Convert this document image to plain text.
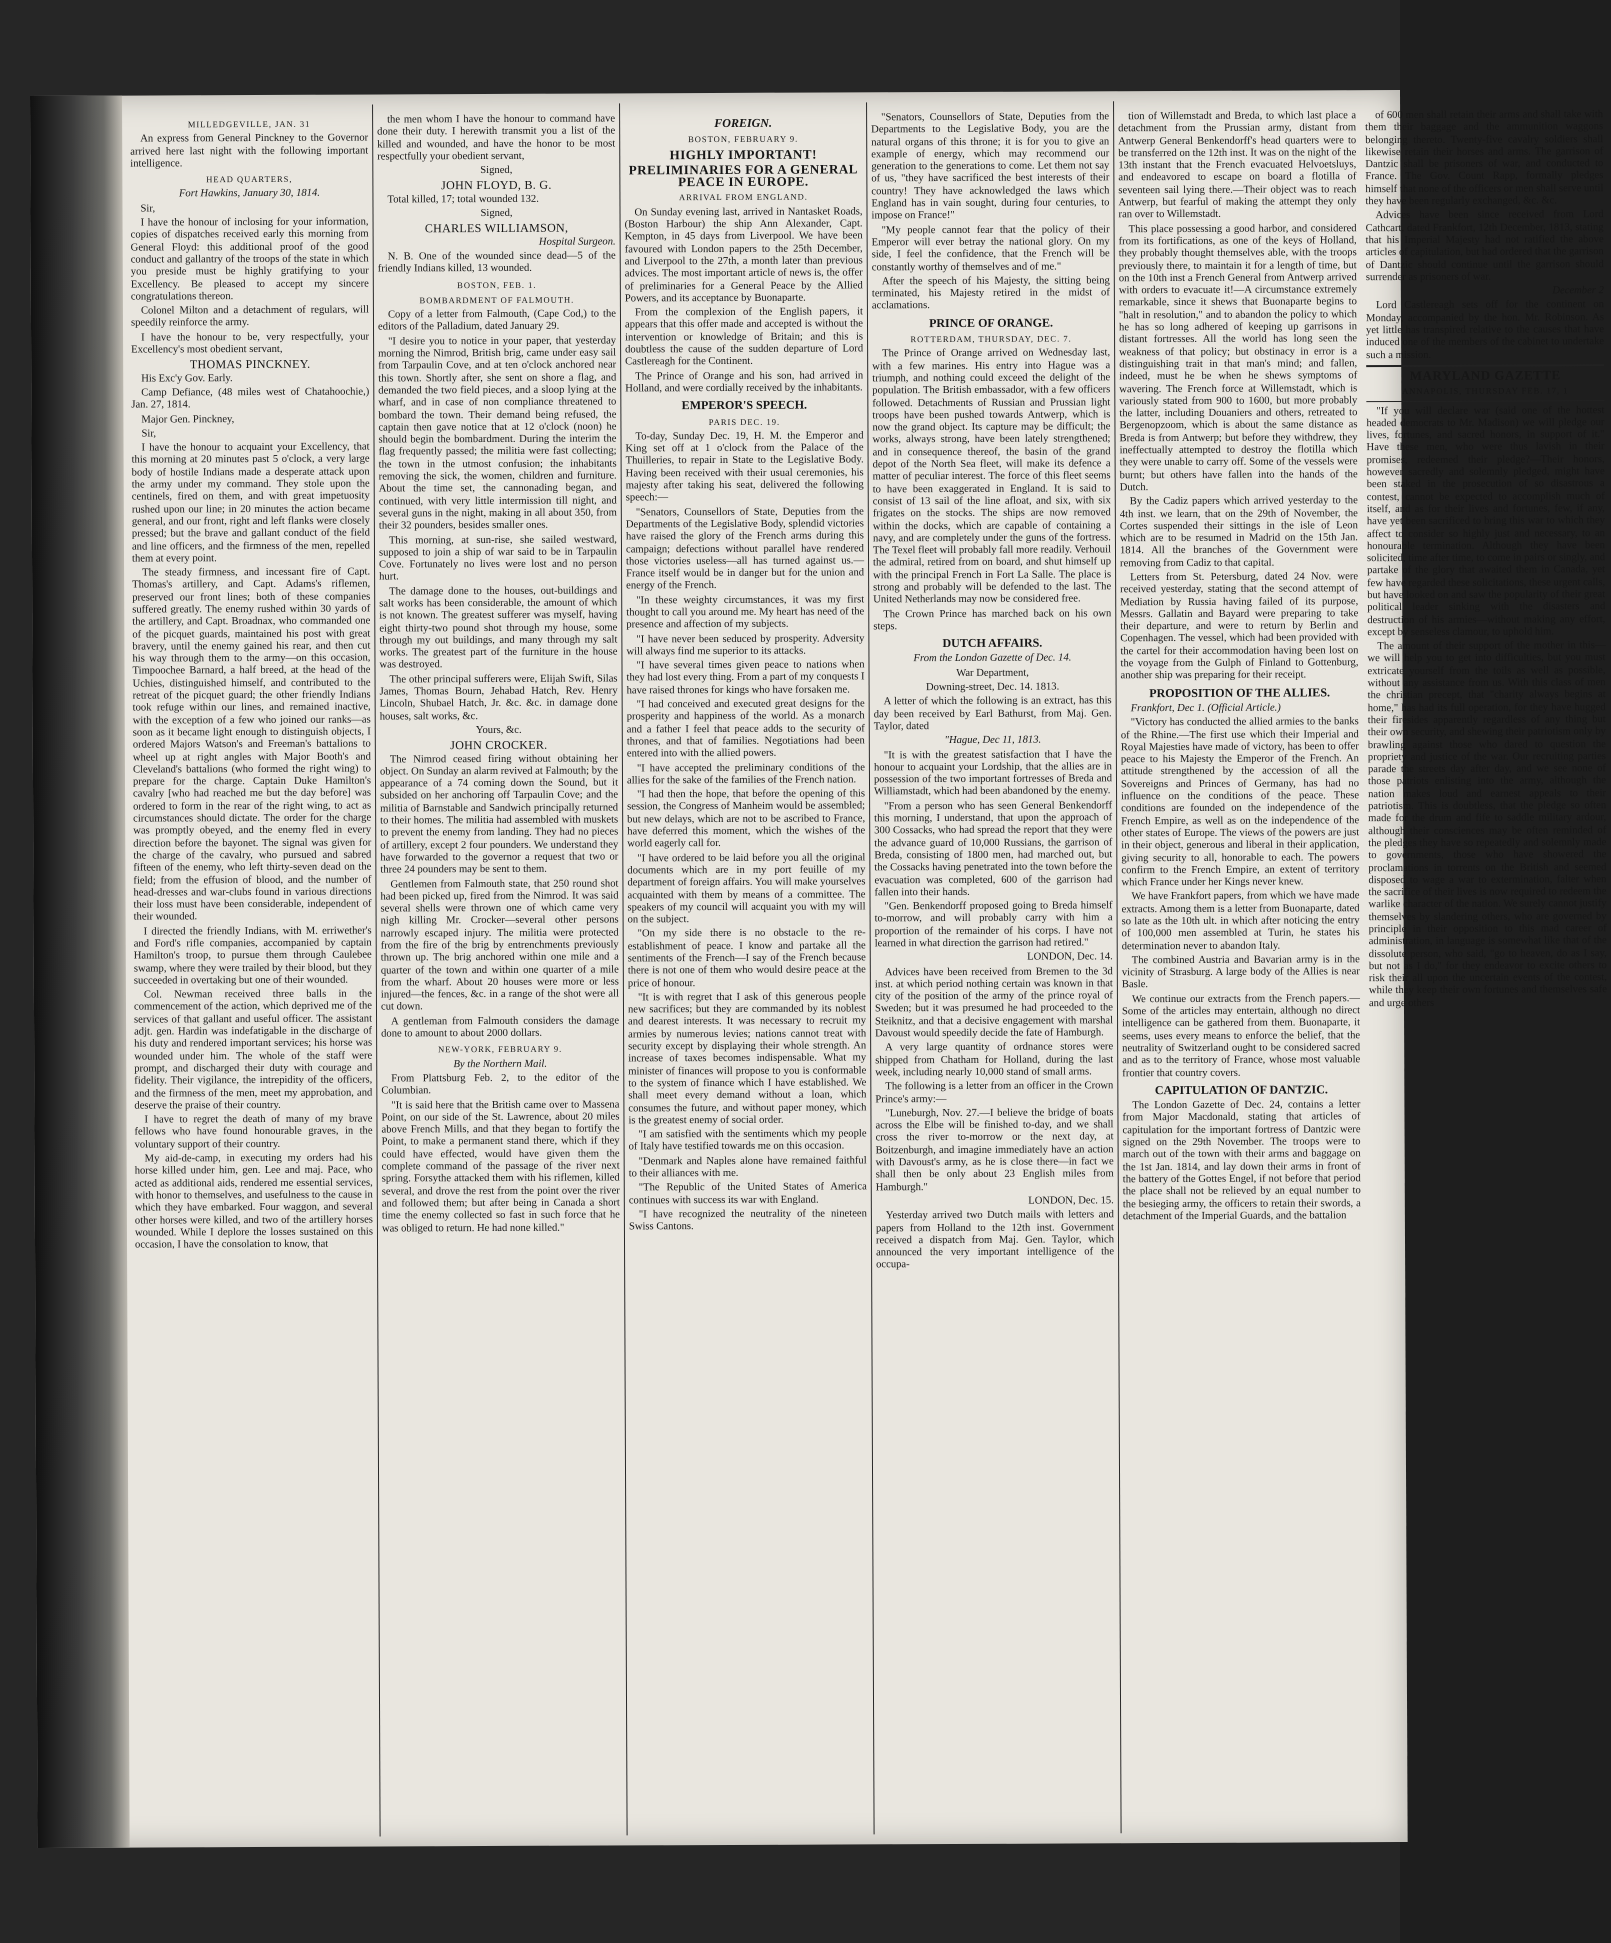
MILLEDGEVILLE, JAN. 31

An express from General Pinckney to the Governor arrived here last night with the following important intelligence.

HEAD QUARTERS,

Fort Hawkins, January 30, 1814.

Sir,

I have the honour of inclosing for your information, copies of dispatches received early this morning from General Floyd: this additional proof of the good conduct and gallantry of the troops of the state in which you preside must be highly gratifying to your Excellency. Be pleased to accept my sincere congratulations thereon.

Colonel Milton and a detachment of regulars, will speedily reinforce the army.

I have the honour to be, very respectfully, your Excellency's most obedient servant,

THOMAS PINCKNEY.

His Exc'y Gov. Early.

Camp Defiance, (48 miles west of Chatahoochie,) Jan. 27, 1814.

Major Gen. Pinckney,

Sir,

I have the honour to acquaint your Excellency, that this morning at 20 minutes past 5 o'clock, a very large body of hostile Indians made a desperate attack upon the army under my command. They stole upon the centinels, fired on them, and with great impetuosity rushed upon our line; in 20 minutes the action became general, and our front, right and left flanks were closely pressed; but the brave and gallant conduct of the field and line officers, and the firmness of the men, repelled them at every point.

The steady firmness, and incessant fire of Capt. Thomas's artillery, and Capt. Adams's riflemen, preserved our front lines; both of these companies suffered greatly. The enemy rushed within 30 yards of the artillery, and Capt. Broadnax, who commanded one of the picquet guards, maintained his post with great bravery, until the enemy gained his rear, and then cut his way through them to the army—on this occasion, Timpoochee Barnard, a half breed, at the head of the Uchies, distinguished himself, and contributed to the retreat of the picquet guard; the other friendly Indians took refuge within our lines, and remained inactive, with the exception of a few who joined our ranks—as soon as it became light enough to distinguish objects, I ordered Majors Watson's and Freeman's battalions to wheel up at right angles with Major Booth's and Cleveland's battalions (who formed the right wing) to prepare for the charge. Captain Duke Hamilton's cavalry [who had reached me but the day before] was ordered to form in the rear of the right wing, to act as circumstances should dictate. The order for the charge was promptly obeyed, and the enemy fled in every direction before the bayonet. The signal was given for the charge of the cavalry, who pursued and sabred fifteen of the enemy, who left thirty-seven dead on the field; from the effusion of blood, and the number of head-dresses and war-clubs found in various directions their loss must have been considerable, independent of their wounded.

I directed the friendly Indians, with M. erriwether's and Ford's rifle companies, accompanied by captain Hamilton's troop, to pursue them through Caulebee swamp, where they were trailed by their blood, but they succeeded in overtaking but one of their wounded.

Col. Newman received three balls in the commencement of the action, which deprived me of the services of that gallant and useful officer. The assistant adjt. gen. Hardin was indefatigable in the discharge of his duty and rendered important services; his horse was wounded under him. The whole of the staff were prompt, and discharged their duty with courage and fidelity. Their vigilance, the intrepidity of the officers, and the firmness of the men, meet my approbation, and deserve the praise of their country.

I have to regret the death of many of my brave fellows who have found honourable graves, in the voluntary support of their country.

My aid-de-camp, in executing my orders had his horse killed under him, gen. Lee and maj. Pace, who acted as additional aids, rendered me essential services, with honor to themselves, and usefulness to the cause in which they have embarked. Four waggon, and several other horses were killed, and two of the artillery horses wounded. While I deplore the losses sustained on this occasion, I have the consolation to know, that

the men whom I have the honour to command have done their duty. I herewith transmit you a list of the killed and wounded, and have the honor to be most respectfully your obedient servant,

Signed,

JOHN FLOYD, B. G.

Total killed, 17; total wounded 132.

Signed,

CHARLES WILLIAMSON,

Hospital Surgeon.

N. B. One of the wounded since dead—5 of the friendly Indians killed, 13 wounded.

BOSTON, FEB. 1.

BOMBARDMENT OF FALMOUTH.

Copy of a letter from Falmouth, (Cape Cod,) to the editors of the Palladium, dated January 29.

"I desire you to notice in your paper, that yesterday morning the Nimrod, British brig, came under easy sail from Tarpaulin Cove, and at ten o'clock anchored near this town. Shortly after, she sent on shore a flag, and demanded the two field pieces, and a sloop lying at the wharf, and in case of non compliance threatened to bombard the town. Their demand being refused, the captain then gave notice that at 12 o'clock (noon) he should begin the bombardment. During the interim the flag frequently passed; the militia were fast collecting; the town in the utmost confusion; the inhabitants removing the sick, the women, children and furniture. About the time set, the cannonading began, and continued, with very little intermission till night, and several guns in the night, making in all about 350, from their 32 pounders, besides smaller ones.

This morning, at sun-rise, she sailed westward, supposed to join a ship of war said to be in Tarpaulin Cove. Fortunately no lives were lost and no person hurt.

The damage done to the houses, out-buildings and salt works has been considerable, the amount of which is not known. The greatest sufferer was myself, having eight thirty-two pound shot through my house, some through my out buildings, and many through my salt works. The greatest part of the furniture in the house was destroyed.

The other principal sufferers were, Elijah Swift, Silas James, Thomas Bourn, Jehabad Hatch, Rev. Henry Lincoln, Shubael Hatch, Jr. &c. &c. in damage done houses, salt works, &c.

Yours, &c.

JOHN CROCKER.

The Nimrod ceased firing without obtaining her object. On Sunday an alarm revived at Falmouth; by the appearance of a 74 coming down the Sound, but it subsided on her anchoring off Tarpaulin Cove; and the militia of Barnstable and Sandwich principally returned to their homes. The militia had assembled with muskets to prevent the enemy from landing. They had no pieces of artillery, except 2 four pounders. We understand they have forwarded to the governor a request that two or three 24 pounders may be sent to them.

Gentlemen from Falmouth state, that 250 round shot had been picked up, fired from the Nimrod. It was said several shells were thrown one of which came very nigh killing Mr. Crocker—several other persons narrowly escaped injury. The militia were protected from the fire of the brig by entrenchments previously thrown up. The brig anchored within one mile and a quarter of the town and within one quarter of a mile from the wharf. About 20 houses were more or less injured—the fences, &c. in a range of the shot were all cut down.

A gentleman from Falmouth considers the damage done to amount to about 2000 dollars.

NEW-YORK, FEBRUARY 9.

By the Northern Mail.

From Plattsburg Feb. 2, to the editor of the Columbian.

"It is said here that the British came over to Massena Point, on our side of the St. Lawrence, about 20 miles above French Mills, and that they began to fortify the Point, to make a permanent stand there, which if they could have effected, would have given them the complete command of the passage of the river next spring. Forsythe attacked them with his riflemen, killed several, and drove the rest from the point over the river and followed them; but after being in Canada a short time the enemy collected so fast in such force that he was obliged to return. He had none killed."

FOREIGN.

BOSTON, FEBRUARY 9.

HIGHLY IMPORTANT!

PRELIMINARIES FOR A GENERAL PEACE IN EUROPE.

ARRIVAL FROM ENGLAND.

On Sunday evening last, arrived in Nantasket Roads, (Boston Harbour) the ship Ann Alexander, Capt. Kempton, in 45 days from Liverpool. We have been favoured with London papers to the 25th December, and Liverpool to the 27th, a month later than previous advices. The most important article of news is, the offer of preliminaries for a General Peace by the Allied Powers, and its acceptance by Buonaparte.

From the complexion of the English papers, it appears that this offer made and accepted is without the intervention or knowledge of Britain; and this is doubtless the cause of the sudden departure of Lord Castlereagh for the Continent.

The Prince of Orange and his son, had arrived in Holland, and were cordially received by the inhabitants.

EMPEROR'S SPEECH.

PARIS DEC. 19.

To-day, Sunday Dec. 19, H. M. the Emperor and King set off at 1 o'clock from the Palace of the Thuilleries, to repair in State to the Legislative Body. Having been received with their usual ceremonies, his majesty after taking his seat, delivered the following speech:—

"Senators, Counsellors of State, Deputies from the Departments of the Legislative Body, splendid victories have raised the glory of the French arms during this campaign; defections without parallel have rendered those victories useless—all has turned against us.—France itself would be in danger but for the union and energy of the French.

"In these weighty circumstances, it was my first thought to call you around me. My heart has need of the presence and affection of my subjects.

"I have never been seduced by prosperity. Adversity will always find me superior to its attacks.

"I have several times given peace to nations when they had lost every thing. From a part of my conquests I have raised thrones for kings who have forsaken me.

"I had conceived and executed great designs for the prosperity and happiness of the world. As a monarch and a father I feel that peace adds to the security of thrones, and that of families. Negotiations had been entered into with the allied powers.

"I have accepted the preliminary conditions of the allies for the sake of the families of the French nation.

"I had then the hope, that before the opening of this session, the Congress of Manheim would be assembled; but new delays, which are not to be ascribed to France, have deferred this moment, which the wishes of the world eagerly call for.

"I have ordered to be laid before you all the original documents which are in my port feuille of my department of foreign affairs. You will make yourselves acquainted with them by means of a committee. The speakers of my council will acquaint you with my will on the subject.

"On my side there is no obstacle to the re-establishment of peace. I know and partake all the sentiments of the French—I say of the French because there is not one of them who would desire peace at the price of honour.

"It is with regret that I ask of this generous people new sacrifices; but they are commanded by its noblest and dearest interests. It was necessary to recruit my armies by numerous levies; nations cannot treat with security except by displaying their whole strength. An increase of taxes becomes indispensable. What my minister of finances will propose to you is conformable to the system of finance which I have established. We shall meet every demand without a loan, which consumes the future, and without paper money, which is the greatest enemy of social order.

"I am satisfied with the sentiments which my people of Italy have testified towards me on this occasion.

"Denmark and Naples alone have remained faithful to their alliances with me.

"The Republic of the United States of America continues with success its war with England.

"I have recognized the neutrality of the nineteen Swiss Cantons.

"Senators, Counsellors of State, Deputies from the Departments to the Legislative Body, you are the natural organs of this throne; it is for you to give an example of energy, which may recommend our generation to the generations to come. Let them not say of us, "they have sacrificed the best interests of their country! They have acknowledged the laws which England has in vain sought, during four centuries, to impose on France!"

"My people cannot fear that the policy of their Emperor will ever betray the national glory. On my side, I feel the confidence, that the French will be constantly worthy of themselves and of me."

After the speech of his Majesty, the sitting being terminated, his Majesty retired in the midst of acclamations.

PRINCE OF ORANGE.

ROTTERDAM, THURSDAY, DEC. 7.

The Prince of Orange arrived on Wednesday last, with a few marines. His entry into Hague was a triumph, and nothing could exceed the delight of the population. The British embassador, with a few officers followed. Detachments of Russian and Prussian light troops have been pushed towards Antwerp, which is now the grand object. Its capture may be difficult; the works, always strong, have been lately strengthened; and in consequence thereof, the basin of the grand depot of the North Sea fleet, will make its defence a matter of peculiar interest. The force of this fleet seems to have been exaggerated in England. It is said to consist of 13 sail of the line afloat, and six, with six frigates on the stocks. The ships are now removed within the docks, which are capable of containing a navy, and are completely under the guns of the fortress. The Texel fleet will probably fall more readily. Verhouil the admiral, retired from on board, and shut himself up with the principal French in Fort La Salle. The place is strong and probably will be defended to the last. The United Netherlands may now be considered free.

The Crown Prince has marched back on his own steps.

DUTCH AFFAIRS.

From the London Gazette of Dec. 14.

War Department,

Downing-street, Dec. 14. 1813.

A letter of which the following is an extract, has this day been received by Earl Bathurst, from Maj. Gen. Taylor, dated

"Hague, Dec 11, 1813.

"It is with the greatest satisfaction that I have the honour to acquaint your Lordship, that the allies are in possession of the two important fortresses of Breda and Williamstadt, which had been abandoned by the enemy.

"From a person who has seen General Benkendorff this morning, I understand, that upon the approach of 300 Cossacks, who had spread the report that they were the advance guard of 10,000 Russians, the garrison of Breda, consisting of 1800 men, had marched out, but the Cossacks having penetrated into the town before the evacuation was completed, 600 of the garrison had fallen into their hands.

"Gen. Benkendorff proposed going to Breda himself to-morrow, and will probably carry with him a proportion of the remainder of his corps. I have not learned in what direction the garrison had retired."

LONDON, Dec. 14.

Advices have been received from Bremen to the 3d inst. at which period nothing certain was known in that city of the position of the army of the prince royal of Sweden; but it was presumed he had proceeded to the Steiknitz, and that a decisive engagement with marshal Davoust would speedily decide the fate of Hamburgh.

A very large quantity of ordnance stores were shipped from Chatham for Holland, during the last week, including nearly 10,000 stand of small arms.

The following is a letter from an officer in the Crown Prince's army:—

"Luneburgh, Nov. 27.—I believe the bridge of boats across the Elbe will be finished to-day, and we shall cross the river to-morrow or the next day, at Boitzenburgh, and imagine immediately have an action with Davoust's army, as he is close there—in fact we shall then be only about 23 English miles from Hamburgh."

LONDON, Dec. 15.

Yesterday arrived two Dutch mails with letters and papers from Holland to the 12th inst. Government received a dispatch from Maj. Gen. Taylor, which announced the very important intelligence of the occupa-

tion of Willemstadt and Breda, to which last place a detachment from the Prussian army, distant from Antwerp General Benkendorff's head quarters were to be transferred on the 12th inst. It was on the night of the 13th instant that the French evacuated Helvoetsluys, and endeavored to escape on board a flotilla of seventeen sail lying there.—Their object was to reach Antwerp, but fearful of making the attempt they only ran over to Willemstadt.

This place possessing a good harbor, and considered from its fortifications, as one of the keys of Holland, they probably thought themselves able, with the troops previously there, to maintain it for a length of time, but on the 10th inst a French General from Antwerp arrived with orders to evacuate it!—A circumstance extremely remarkable, since it shews that Buonaparte begins to "halt in resolution," and to abandon the policy to which he has so long adhered of keeping up garrisons in distant fortresses. All the world has long seen the weakness of that policy; but obstinacy in error is a distinguishing trait in that man's mind; and fallen, indeed, must he be when he shews symptoms of wavering. The French force at Willemstadt, which is variously stated from 900 to 1600, but more probably the latter, including Douaniers and others, retreated to Bergenopzoom, which is about the same distance as Breda is from Antwerp; but before they withdrew, they ineffectually attempted to destroy the flotilla which they were unable to carry off. Some of the vessels were burnt; but others have fallen into the hands of the Dutch.

By the Cadiz papers which arrived yesterday to the 4th inst. we learn, that on the 29th of November, the Cortes suspended their sittings in the isle of Leon which are to be resumed in Madrid on the 15th Jan. 1814. All the branches of the Government were removing from Cadiz to that capital.

Letters from St. Petersburg, dated 24 Nov. were received yesterday, stating that the second attempt of Mediation by Russia having failed of its purpose, Messrs. Gallatin and Bayard were preparing to take their departure, and were to return by Berlin and Copenhagen. The vessel, which had been provided with the cartel for their accommodation having been lost on the voyage from the Gulph of Finland to Gottenburg, another ship was preparing for their receipt.

PROPOSITION OF THE ALLIES.

Frankfort, Dec 1. (Official Article.)

"Victory has conducted the allied armies to the banks of the Rhine.—The first use which their Imperial and Royal Majesties have made of victory, has been to offer peace to his Majesty the Emperor of the French. An attitude strengthened by the accession of all the Sovereigns and Princes of Germany, has had no influence on the conditions of the peace. These conditions are founded on the independence of the French Empire, as well as on the independence of the other states of Europe. The views of the powers are just in their object, generous and liberal in their application, giving security to all, honorable to each. The powers confirm to the French Empire, an extent of territory which France under her Kings never knew.

We have Frankfort papers, from which we have made extracts. Among them is a letter from Buonaparte, dated so late as the 10th ult. in which after noticing the entry of 100,000 men assembled at Turin, he states his determination never to abandon Italy.

The combined Austria and Bavarian army is in the vicinity of Strasburg. A large body of the Allies is near Basle.

We continue our extracts from the French papers.—Some of the articles may entertain, although no direct intelligence can be gathered from them. Buonaparte, it seems, uses every means to enforce the belief, that the neutrality of Switzerland ought to be considered sacred and as to the territory of France, whose most valuable frontier that country covers.

CAPITULATION OF DANTZIC.

The London Gazette of Dec. 24, contains a letter from Major Macdonald, stating that articles of capitulation for the important fortress of Dantzic were signed on the 29th November. The troops were to march out of the town with their arms and baggage on the 1st Jan. 1814, and lay down their arms in front of the battery of the Gottes Engel, if not before that period the place shall not be relieved by an equal number to the besieging army, the officers to retain their swords, a detachment of the Imperial Guards, and the battalion

of 600 men shall retain their arms and shall take with them their baggage and the ammunition waggons belonging thereto. Twenty-five cavalry soldiers shall likewise retain their horses and arms. The garrison of Dantzic shall be prisoners of war, and conducted to France. The Gov. Count Rapp, formally pledges himself that none of the officers or men shall serve until they have been regularly exchanged, &c. &c.

Advices have been since received from Lord Cathcart, dated Frankfort, 12th December, 1813, stating that his Imperial Majesty had not ratified the above articles of capitulation, but had ordered that the garrison of Dantzic should continue until the garrison should surrender as prisoners of war.

December 2

Lord Castlereagh sets off for the continent on Monday, accompanied by the hon. Mr. Robinson. As yet little has transpired relative to the causes that have induced one of the members of the cabinet to undertake such a mission.

MARYLAND GAZETTE

ANNAPOLIS, THURSDAY FEB. 17, 1

"If you will declare war (said one of the hottest headed democrats to Mr. Madison) we will pledge our lives, fortunes, and sacred honors, in support of it." Have these men, who were thus lavish in their promises, redeemed their pledge?—Their honors, however sacredly and solemnly pledged, might have been staked in the prosecution of so disastrous a contest, cannot be expected to accomplish much of itself, and as for their lives and fortunes, few, if any, have yet been sacrificed to bring this war to which they affect to consider so highly just and necessary, to an honourable termination. Although they have been solicited, time after time, to come in pairs or singly, and partake of the glory that awaited them in Canada, yet few have regarded these solicitations, these urgent calls, but have looked on and saw the popularity of their great political leader sinking with the disasters and destruction of his armies—without making any effort, except by senseless clamour, to uphold him.

The amount of their support of the mother in this—we will help you to get into difficulties, but you must extricate yourself from the toils as well as possible, without any assistance from us. With this class of men the christian precept, that "charity always begins at home," has had its full operation, for they have hugged their firesides apparently regardless of any thing but their own security, and shewing their patriotism only by brawling against those who dared to question the propriety and justice of the war. Our recruiting parties parade the streets day after day, and we see none of those patriots enlisting into the army, although the nation makes loud and earnest appeals to their patriotism. This is doubtless, that the pledge so often made for the drum and fife to saddle military ardour, although their consciences may be often reminded of the pledges they have so repeatedly and solemnly made to governments, those who have showered the proclamations in torrents on the British and seemed disposed to wage a war to extermination, falter when the sacrifice of their lives is now required to redeem the warlike character of the nation. We surely cannot justify themselves by slandering others, who are governed by principle in their opposition to this mad career of administration, in language is somewhat like that of the dissolute person, who said, "go to heaven, do as I say, but not as I do," for they endeavor to excite others to risk their all upon the uncertain events of the contest, while they keep their own fortunes and themselves safe and urge others
